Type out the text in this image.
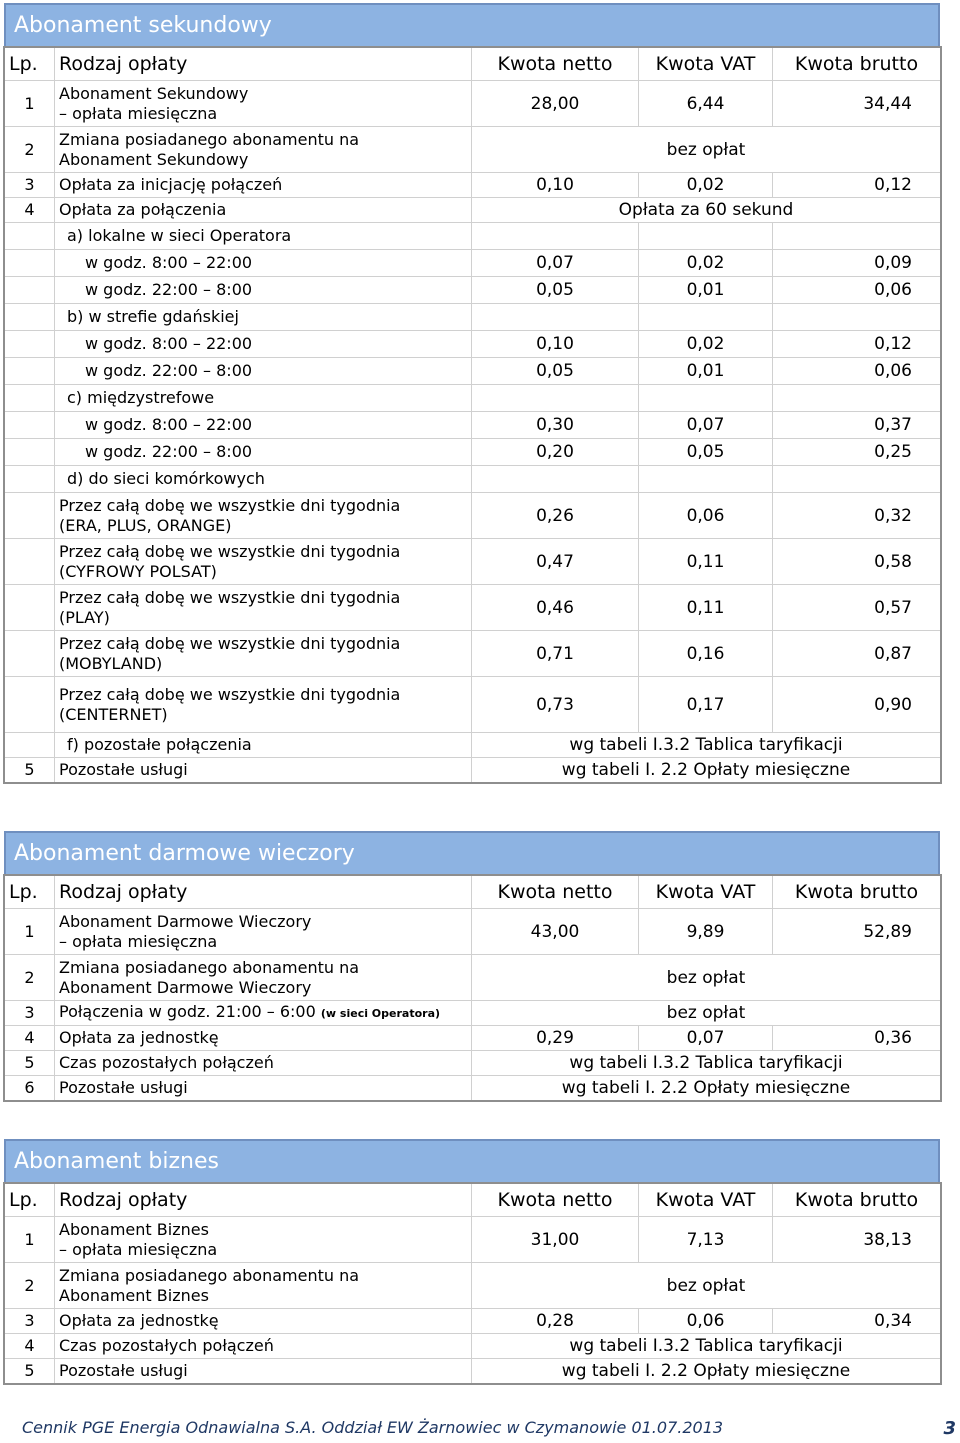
Abonament sekundowy
Lp.	Rodzaj opłaty	Kwota netto	Kwota VAT	Kwota brutto
1	Abonament Sekundowy
– opłata miesięczna	28,00	6,44	34,44
2	Zmiana posiadanego abonamentu na
Abonament Sekundowy	bez opłat		
3	Opłata za inicjację połączeń	0,10	0,02	0,12
4	Opłata za połączenia	Opłata za 60 sekund		
	a) lokalne w sieci Operatora			
	w godz. 8:00 – 22:00	0,07	0,02	0,09
	w godz. 22:00 – 8:00	0,05	0,01	0,06
	b) w strefie gdańskiej			
	w godz. 8:00 – 22:00	0,10	0,02	0,12
	w godz. 22:00 – 8:00	0,05	0,01	0,06
	c) międzystrefowe			
	w godz. 8:00 – 22:00	0,30	0,07	0,37
	w godz. 22:00 – 8:00	0,20	0,05	0,25
	d) do sieci komórkowych			

	Przez całą dobę we wszystkie dni tygodnia
(ERA, PLUS, ORANGE)	0,26	0,06	0,32

	Przez całą dobę we wszystkie dni tygodnia
(CYFROWY POLSAT)	0,47	0,11	0,58

	Przez całą dobę we wszystkie dni tygodnia
(PLAY)	0,46	0,11	0,57

	Przez całą dobę we wszystkie dni tygodnia
(MOBYLAND)	0,71	0,16	0,87

	Przez całą dobę we wszystkie dni tygodnia
(CENTERNET)	0,73	0,17	0,90
	f) pozostałe połączenia	wg tabeli I.3.2 Tablica taryfikacji		
5	Pozostałe usługi	wg tabeli I. 2.2 Opłaty miesięczne		
Abonament darmowe wieczory
Lp.	Rodzaj opłaty	Kwota netto	Kwota VAT	Kwota brutto
1	Abonament Darmowe Wieczory
– opłata miesięczna	43,00	9,89	52,89
2	Zmiana posiadanego abonamentu na
Abonament Darmowe Wieczory	bez opłat		
3	Połączenia w godz. 21:00 – 6:00 (w sieci Operatora)	bez opłat		
4	Opłata za jednostkę	0,29	0,07	0,36
5	Czas pozostałych połączeń	wg tabeli I.3.2 Tablica taryfikacji		
6	Pozostałe usługi	wg tabeli I. 2.2 Opłaty miesięczne		
Abonament biznes
Lp.	Rodzaj opłaty	Kwota netto	Kwota VAT	Kwota brutto
1	Abonament Biznes
– opłata miesięczna	31,00	7,13	38,13
2	Zmiana posiadanego abonamentu na
Abonament Biznes	bez opłat		
3	Opłata za jednostkę	0,28	0,06	0,34
4	Czas pozostałych połączeń	wg tabeli I.3.2 Tablica taryfikacji		
5	Pozostałe usługi	wg tabeli I. 2.2 Opłaty miesięczne		
Cennik PGE Energia Odnawialna S.A. Oddział EW Żarnowiec w Czymanowie 01.07.2013	3
